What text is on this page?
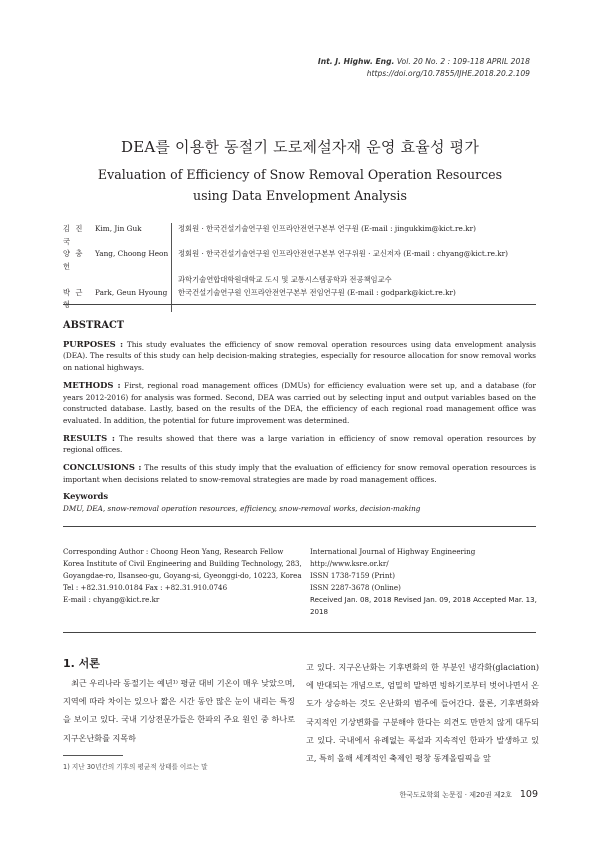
Int. J. Highw. Eng. Vol. 20 No. 2 : 109-118 APRIL 2018
https://doi.org/10.7855/IJHE.2018.20.2.109
DEA를 이용한 동절기 도로제설자재 운영 효율성 평가
Evaluation of Efficiency of Snow Removal Operation Resources
using Data Envelopment Analysis
김 진 국
Kim, Jin Guk	정회원 · 한국건설기술연구원 인프라안전연구본부 연구원 (E-mail : jingukkim@kict.re.kr)
양 충 헌
Yang, Choong Heon	정회원 · 한국건설기술연구원 인프라안전연구본부 연구위원 · 교신저자 (E-mail : chyang@kict.re.kr)
과학기술연합대학원대학교 도시 및 교통시스템공학과 전공책임교수
박 근 형
Park, Geun Hyoung	한국건설기술연구원 인프라안전연구본부 전임연구원 (E-mail : godpark@kict.re.kr)
ABSTRACT

PURPOSES : This study evaluates the efficiency of snow removal operation resources using data envelopment analysis (DEA). The results of this study can help decision-making strategies, especially for resource allocation for snow removal works on national highways.

METHODS : First, regional road management offices (DMUs) for efficiency evaluation were set up, and a database (for years 2012-2016) for analysis was formed. Second, DEA was carried out by selecting input and output variables based on the constructed database. Lastly, based on the results of the DEA, the efficiency of each regional road management office was evaluated. In addition, the potential for future improvement was determined.

RESULTS : The results showed that there was a large variation in efficiency of snow removal operation resources by regional offices.

CONCLUSIONS : The results of this study imply that the evaluation of efficiency for snow removal operation resources is important when decisions related to snow-removal strategies are made by road management offices.

Keywords
DMU, DEA, snow-removal operation resources, efficiency, snow-removal works, decision-making
Corresponding Author : Choong Heon Yang, Research Fellow
Korea Institute of Civil Engineering and Building Technology, 283,
Goyangdae-ro, Ilsanseo-gu, Goyang-si, Gyeonggi-do, 10223, Korea
Tel : +82.31.910.0184 Fax : +82.31.910.0746
E-mail : chyang@kict.re.kr
International Journal of Highway Engineering
http://www.ksre.or.kr/
ISSN 1738-7159 (Print)
ISSN 2287-3678 (Online)
Received Jan. 08, 2018 Revised Jan. 09, 2018 Accepted Mar. 13, 2018
1. 서론
최근 우리나라 동절기는 예년¹⁾ 평균 대비 기온이 매우 낮았으며, 지역에 따라 차이는 있으나 짧은 시간 동안 많은 눈이 내리는 특징을 보이고 있다. 국내 기상전문가들은 한파의 주요 원인 중 하나로 지구온난화를 지목하
고 있다. 지구온난화는 기후변화의 한 부분인 냉각화(glaciation)에 반대되는 개념으로, 엄밀히 말하면 빙하기로부터 벗어나면서 온도가 상승하는 것도 온난화의 범주에 들어간다. 물론, 기후변화와 국지적인 기상변화를 구분해야 한다는 의견도 만만치 않게 대두되고 있다. 국내에서 유례없는 폭설과 지속적인 한파가 발생하고 있고, 특히 올해 세계적인 축제인 평창 동계올림픽을 앞
1) 지난 30년간의 기후의 평균적 상태를 이르는 말
한국도로학회 논문집 · 제20권 제2호 109
